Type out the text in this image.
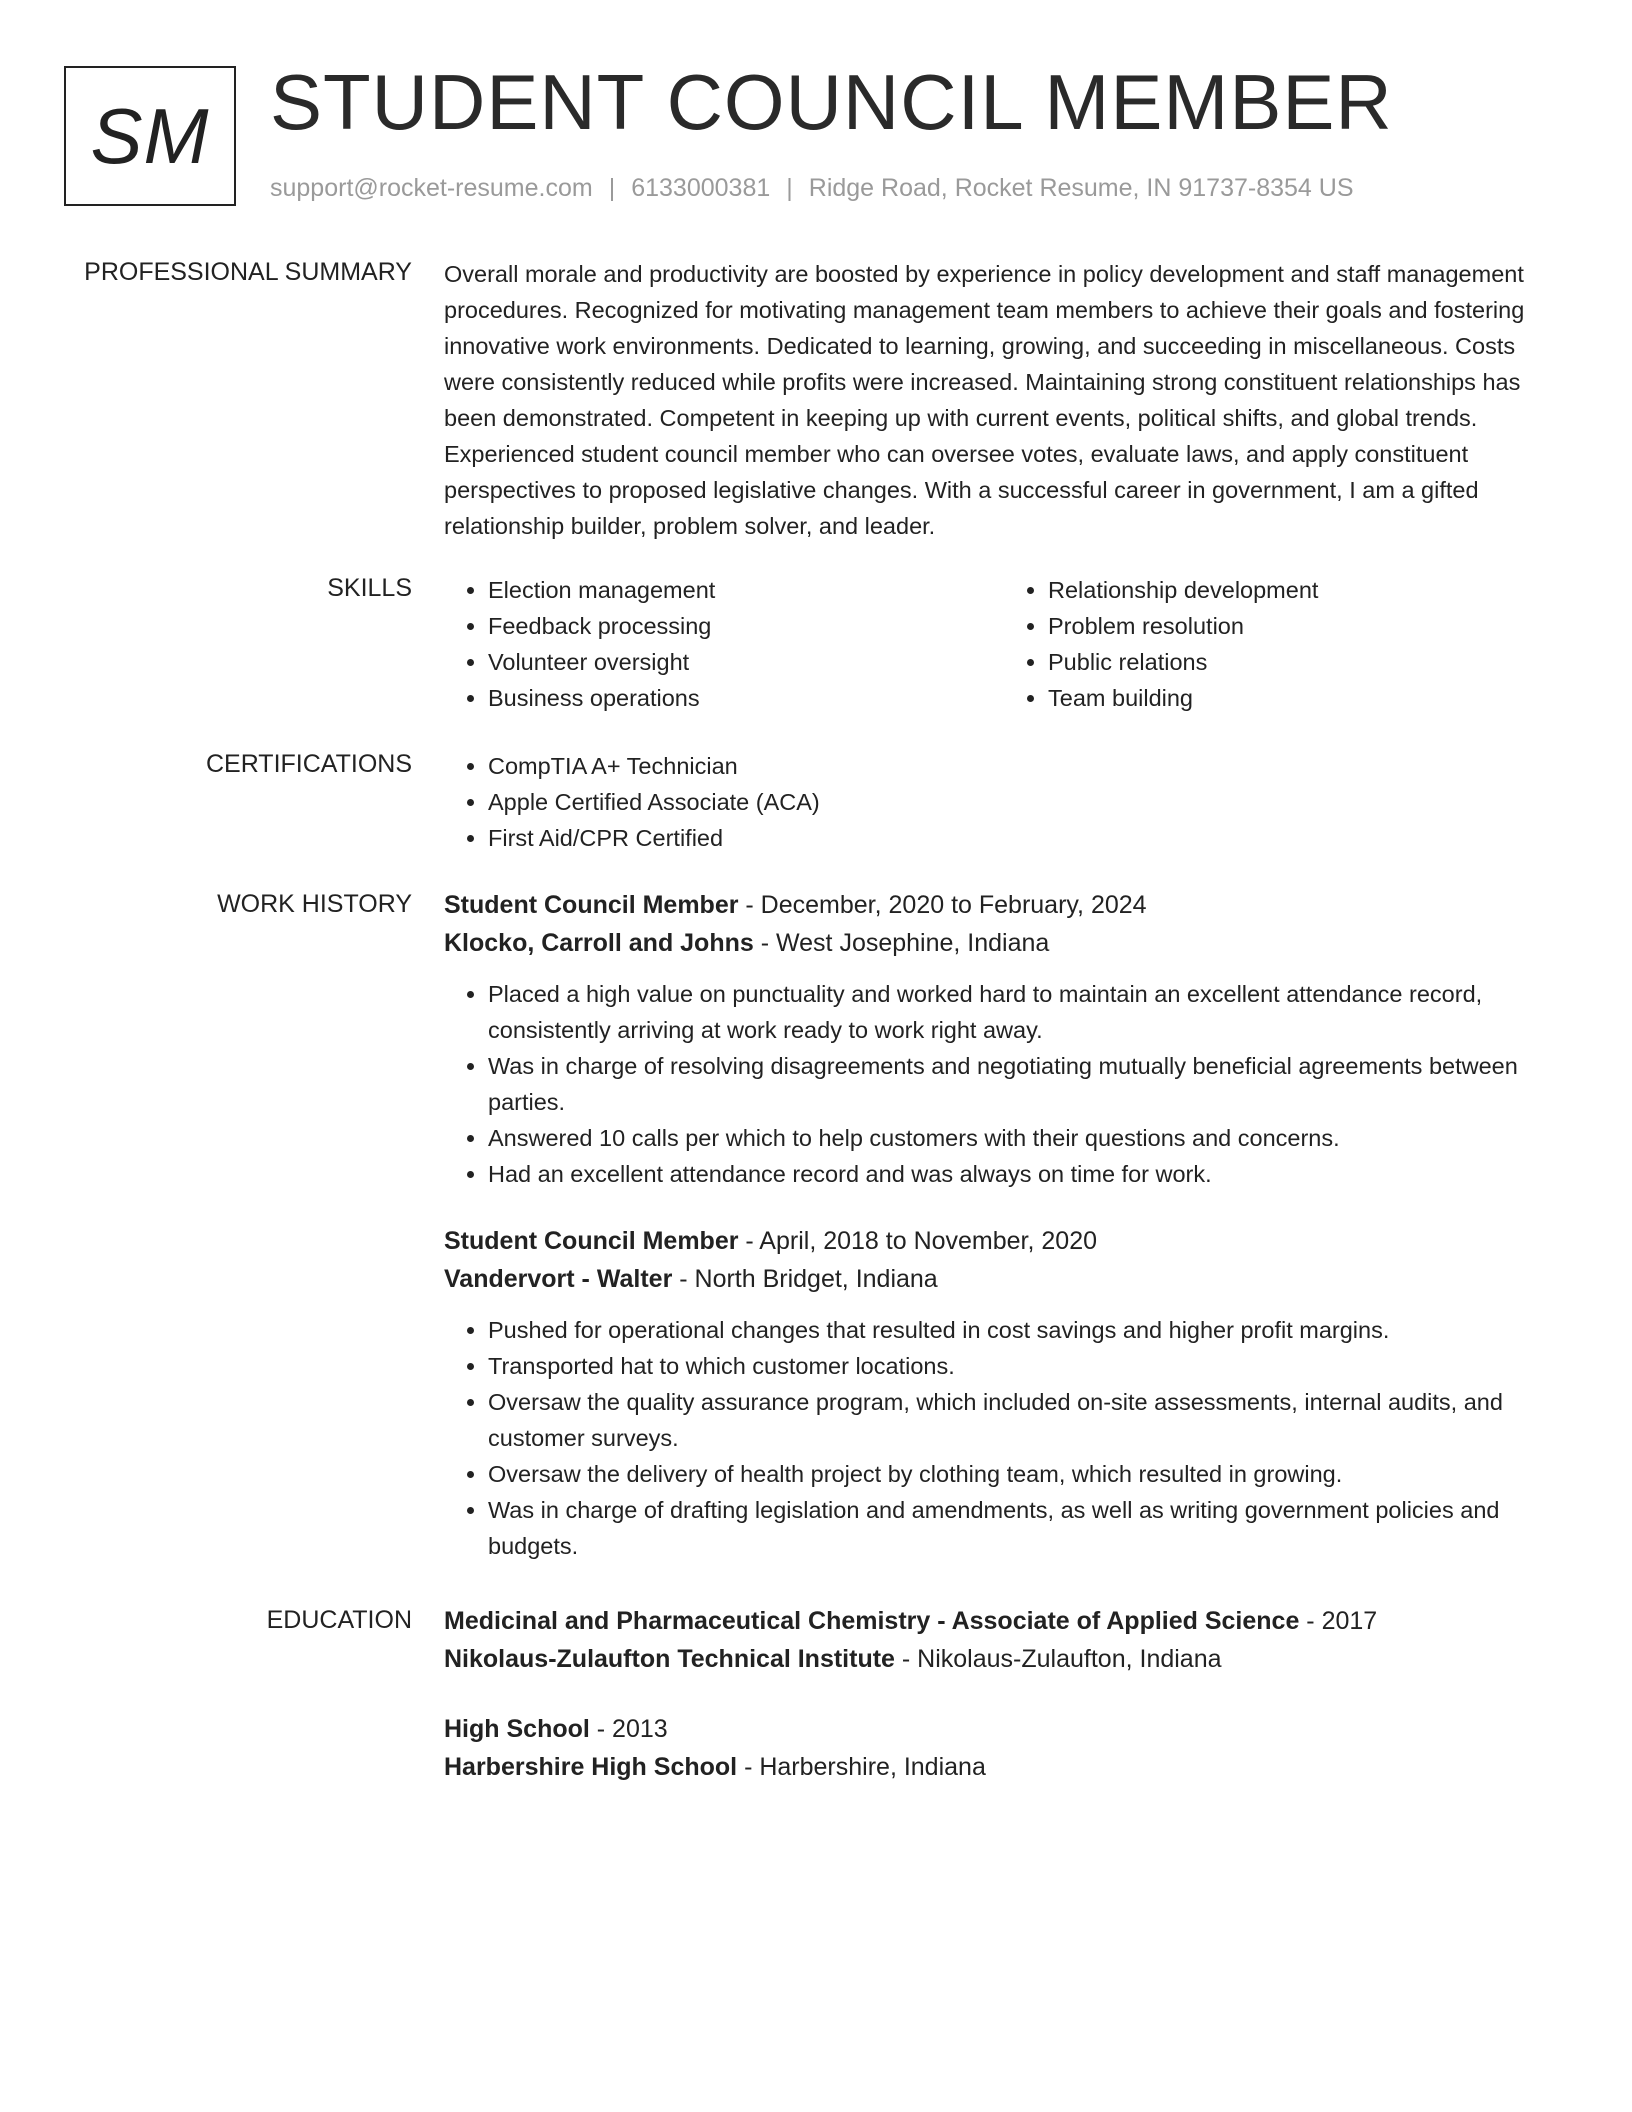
SM STUDENT COUNCIL MEMBER
support@rocket-resume.com | 6133000381 | Ridge Road, Rocket Resume, IN 91737-8354 US
PROFESSIONAL SUMMARY Overall morale and productivity are boosted by experience in policy development and staff management procedures. Recognized for motivating management team members to achieve their goals and fostering innovative work environments. Dedicated to learning, growing, and succeeding in miscellaneous. Costs were consistently reduced while profits were increased. Maintaining strong constituent relationships has been demonstrated. Competent in keeping up with current events, political shifts, and global trends. Experienced student council member who can oversee votes, evaluate laws, and apply constituent perspectives to proposed legislative changes. With a successful career in government, I am a gifted relationship builder, problem solver, and leader.

SKILLS	• Election management
• Feedback processing
• Volunteer oversight
• Business operations
• Relationship development
• Problem resolution
• Public relations
• Team building
CERTIFICATIONS	• CompTIA A+ Technician
• Apple Certified Associate (ACA)
• First Aid/CPR Certified
WORK HISTORY Student Council Member - December, 2020 to February, 2024
Klocko, Carroll and Johns - West Josephine, Indiana
• Placed a high value on punctuality and worked hard to maintain an excellent attendance record, consistently arriving at work ready to work right away.
• Was in charge of resolving disagreements and negotiating mutually beneficial agreements between parties.
• Answered 10 calls per which to help customers with their questions and concerns.
• Had an excellent attendance record and was always on time for work.
Student Council Member - April, 2018 to November, 2020
Vandervort - Walter - North Bridget, Indiana
• Pushed for operational changes that resulted in cost savings and higher profit margins.
• Transported hat to which customer locations.
• Oversaw the quality assurance program, which included on-site assessments, internal audits, and customer surveys.
• Oversaw the delivery of health project by clothing team, which resulted in growing.
• Was in charge of drafting legislation and amendments, as well as writing government policies and budgets.
EDUCATION Medicinal and Pharmaceutical Chemistry - Associate of Applied Science - 2017
Nikolaus-Zulaufton Technical Institute - Nikolaus-Zulaufton, Indiana
High School - 2013
Harbershire High School - Harbershire, Indiana
